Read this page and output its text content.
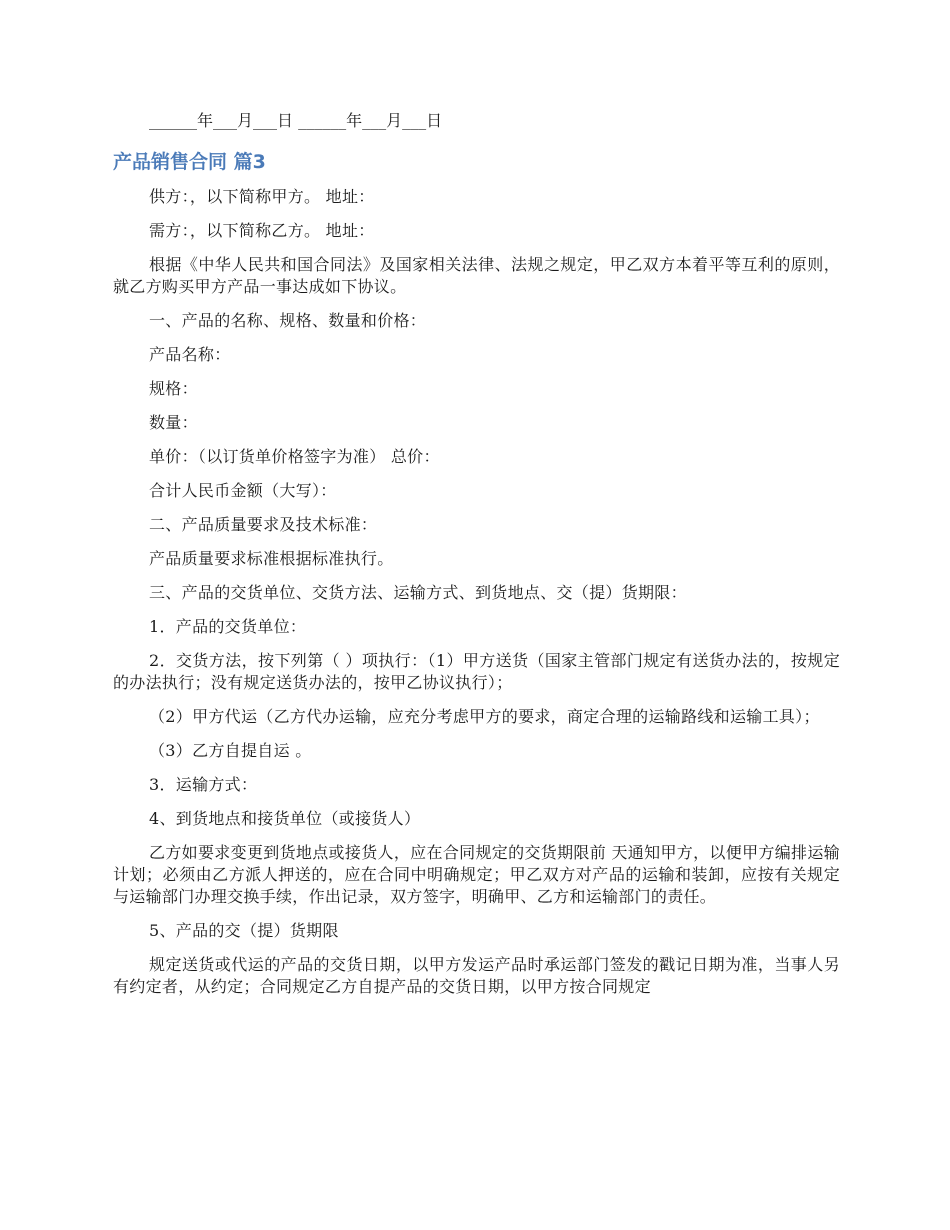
______年___月___日 ______年___月___日
产品销售合同 篇3

供方：，以下简称甲方。 地址：

需方：，以下简称乙方。 地址：

根据《中华人民共和国合同法》及国家相关法律、法规之规定，甲乙双方本着平等互利的原则，就乙方购买甲方产品一事达成如下协议。

一、产品的名称、规格、数量和价格：

产品名称：

规格：

数量：

单价：（以订货单价格签字为准） 总价：

合计人民币金额（大写）：

二、产品质量要求及技术标准：

产品质量要求标准根据标准执行。

三、产品的交货单位、交货方法、运输方式、到货地点、交（提）货期限：

1．产品的交货单位：

2．交货方法，按下列第（ ）项执行：（1）甲方送货（国家主管部门规定有送货办法的，按规定的办法执行；没有规定送货办法的，按甲乙协议执行）；

（2）甲方代运（乙方代办运输，应充分考虑甲方的要求，商定合理的运输路线和运输工具）；

（3）乙方自提自运 。

3．运输方式：

4、到货地点和接货单位（或接货人）

乙方如要求变更到货地点或接货人，应在合同规定的交货期限前 天通知甲方，以便甲方编排运输计划；必须由乙方派人押送的，应在合同中明确规定；甲乙双方对产品的运输和装卸，应按有关规定与运输部门办理交换手续，作出记录，双方签字，明确甲、乙方和运输部门的责任。

5、产品的交（提）货期限

规定送货或代运的产品的交货日期，以甲方发运产品时承运部门签发的戳记日期为准，当事人另有约定者，从约定；合同规定乙方自提产品的交货日期，以甲方按合同规定
